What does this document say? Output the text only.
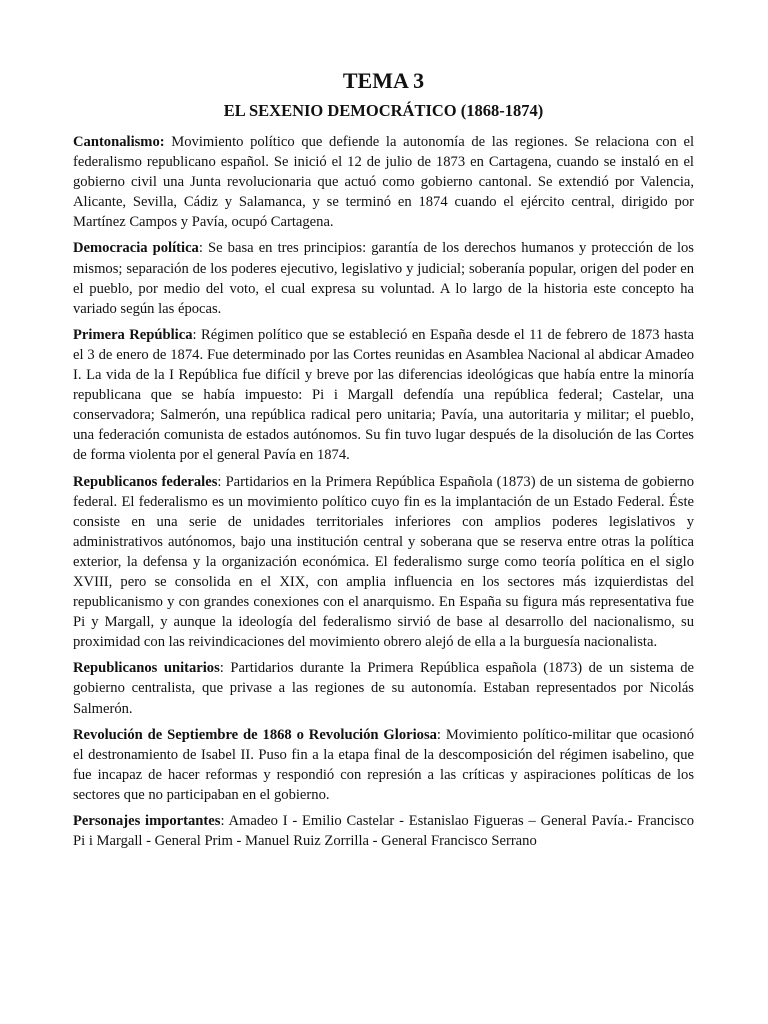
TEMA 3
EL SEXENIO DEMOCRÁTICO (1868-1874)

Cantonalismo: Movimiento político que defiende la autonomía de las regiones. Se relaciona con el federalismo republicano español. Se inició el 12 de julio de 1873 en Cartagena, cuando se instaló en el gobierno civil una Junta revolucionaria que actuó como gobierno cantonal. Se extendió por Valencia, Alicante, Sevilla, Cádiz y Salamanca, y se terminó en 1874 cuando el ejército central, dirigido por Martínez Campos y Pavía, ocupó Cartagena.

Democracia política: Se basa en tres principios: garantía de los derechos humanos y protección de los mismos; separación de los poderes ejecutivo, legislativo y judicial; soberanía popular, origen del poder en el pueblo, por medio del voto, el cual expresa su voluntad. A lo largo de la historia este concepto ha variado según las épocas.

Primera República: Régimen político que se estableció en España desde el 11 de febrero de 1873 hasta el 3 de enero de 1874. Fue determinado por las Cortes reunidas en Asamblea Nacional al abdicar Amadeo I. La vida de la I República fue difícil y breve por las diferencias ideológicas que había entre la minoría republicana que se había impuesto: Pi i Margall defendía una república federal; Castelar, una conservadora; Salmerón, una república radical pero unitaria; Pavía, una autoritaria y militar; el pueblo, una federación comunista de estados autónomos. Su fin tuvo lugar después de la disolución de las Cortes de forma violenta por el general Pavía en 1874.

Republicanos federales: Partidarios en la Primera República Española (1873) de un sistema de gobierno federal. El federalismo es un movimiento político cuyo fin es la implantación de un Estado Federal. Éste consiste en una serie de unidades territoriales inferiores con amplios poderes legislativos y administrativos autónomos, bajo una institución central y soberana que se reserva entre otras la política exterior, la defensa y la organización económica. El federalismo surge como teoría política en el siglo XVIII, pero se consolida en el XIX, con amplia influencia en los sectores más izquierdistas del republicanismo y con grandes conexiones con el anarquismo. En España su figura más representativa fue Pi y Margall, y aunque la ideología del federalismo sirvió de base al desarrollo del nacionalismo, su proximidad con las reivindicaciones del movimiento obrero alejó de ella a la burguesía nacionalista.

Republicanos unitarios: Partidarios durante la Primera República española (1873) de un sistema de gobierno centralista, que privase a las regiones de su autonomía. Estaban representados por Nicolás Salmerón.

Revolución de Septiembre de 1868 o Revolución Gloriosa: Movimiento político-militar que ocasionó el destronamiento de Isabel II. Puso fin a la etapa final de la descomposición del régimen isabelino, que fue incapaz de hacer reformas y respondió con represión a las críticas y aspiraciones políticas de los sectores que no participaban en el gobierno.

Personajes importantes: Amadeo I - Emilio Castelar - Estanislao Figueras – General Pavía.- Francisco Pi i Margall - General Prim - Manuel Ruiz Zorrilla - General Francisco Serrano
